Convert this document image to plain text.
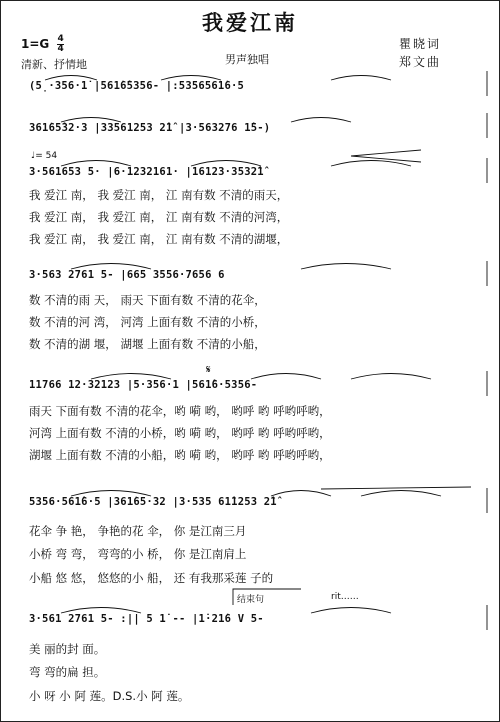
我爱江南
$1=G \frac{4}{4}$
清新、抒情地	男声独唱
瞿晓词
郑文曲
(5̣·356·1̇ |561̇6̂5356- |:5356561̇6·5
361̇65̂32·3 |33561253 2̂1̂ |3·563276 1̂5-)
♩= 54
3·561653 5· |6·1232161· |16123·3532̂1̂
我 爱江 南， 我 爱江 南， 江 南有数 不清的雨天，
我 爱江 南， 我 爱江 南， 江 南有数 不清的河湾，
我 爱江 南， 我 爱江 南， 江 南有数 不清的湖堰，
3·563 2761 5- |665 3556·7656 6
数 不清的雨 天， 雨天 下面有数 不清的花伞，
数 不清的河 湾， 河湾 上面有数 不清的小桥，
数 不清的湖 堰， 湖堰 上面有数 不清的小船，
𝄋
11766 12·32123 |5·356·1 |561̂6·5356-
雨天 下面有数 不清的花伞，哟 嗬 哟， 哟呼 哟 呼哟呼哟，
河湾 上面有数 不清的小桥，哟 嗬 哟， 哟呼 哟 呼哟呼哟，
湖堰 上面有数 不清的小船，哟 嗬 哟， 哟呼 哟 呼哟呼哟，
5356·561̂6·5 |361̇65·32 |3·535 61̂1253 2̂1̂
花伞 争 艳， 争艳的花 伞， 你 是江南三月
小桥 弯 弯， 弯弯的小 桥， 你 是江南肩上
小船 悠 悠， 悠悠的小 船， 还 有我那采莲 子的
结束句	rit……
3·561 2761 5- :|| 5 1̇ -- |1̇·21̇6 V 5-
美 丽的封 面。
弯 弯的扁 担。
小 呀 小 阿 莲。D.S.小 阿 莲。
